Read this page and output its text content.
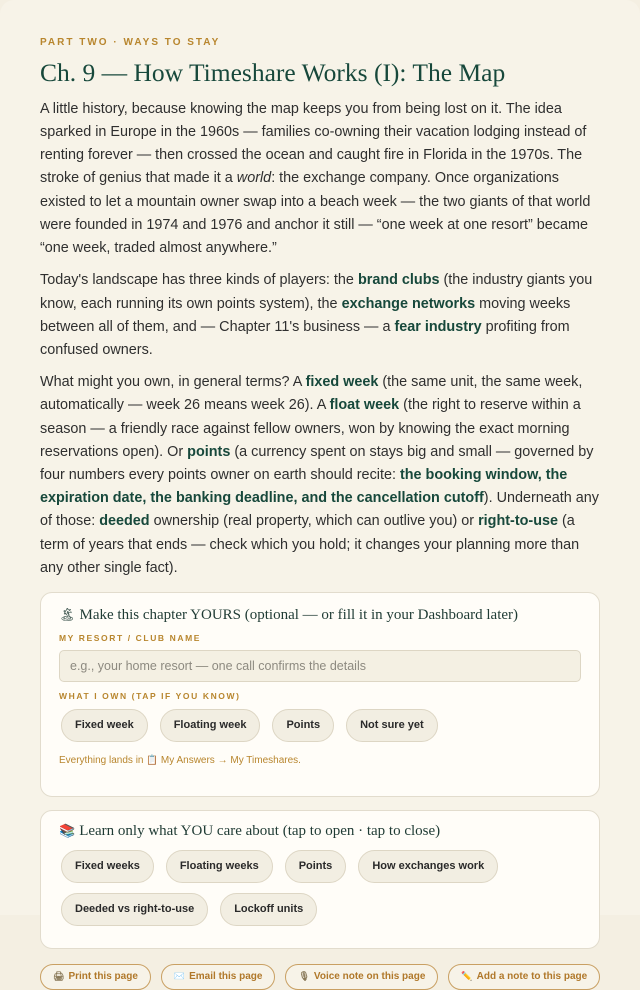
PART TWO · WAYS TO STAY
Ch. 9 — How Timeshare Works (I): The Map

A little history, because knowing the map keeps you from being lost on it. The idea sparked in Europe in the 1960s — families co-owning their vacation lodging instead of renting forever — then crossed the ocean and caught fire in Florida in the 1970s. The stroke of genius that made it a world: the exchange company. Once organizations existed to let a mountain owner swap into a beach week — the two giants of that world were founded in 1974 and 1976 and anchor it still — “one week at one resort” became “one week, traded almost anywhere.”

Today's landscape has three kinds of players: the brand clubs (the industry giants you know, each running its own points system), the exchange networks moving weeks between all of them, and — Chapter 11's business — a fear industry profiting from confused owners.

What might you own, in general terms? A fixed week (the same unit, the same week, automatically — week 26 means week 26). A float week (the right to reserve within a season — a friendly race against fellow owners, won by knowing the exact morning reservations open). Or points (a currency spent on stays big and small — governed by four numbers every points owner on earth should recite: the booking window, the expiration date, the banking deadline, and the cancellation cutoff). Underneath any of those: deeded ownership (real property, which can outlive you) or right-to-use (a term of years that ends — check which you hold; it changes your planning more than any other single fact).

🏝 Make this chapter YOURS (optional — or fill it in your Dashboard later)
MY RESORT / CLUB NAME
e.g., your home resort — one call confirms the details
WHAT I OWN (TAP IF YOU KNOW)
Fixed week	Floating week	Points	Not sure yet
Everything lands in 📋 My Answers → My Timeshares.
📚 Learn only what YOU care about (tap to open · tap to close)
Fixed weeks	Floating weeks	Points	How exchanges work
Deeded vs right-to-use	Lockoff units
🖨 Print this page	✉️ Email this page	🎙 Voice note on this page	✏️ Add a note to this page
